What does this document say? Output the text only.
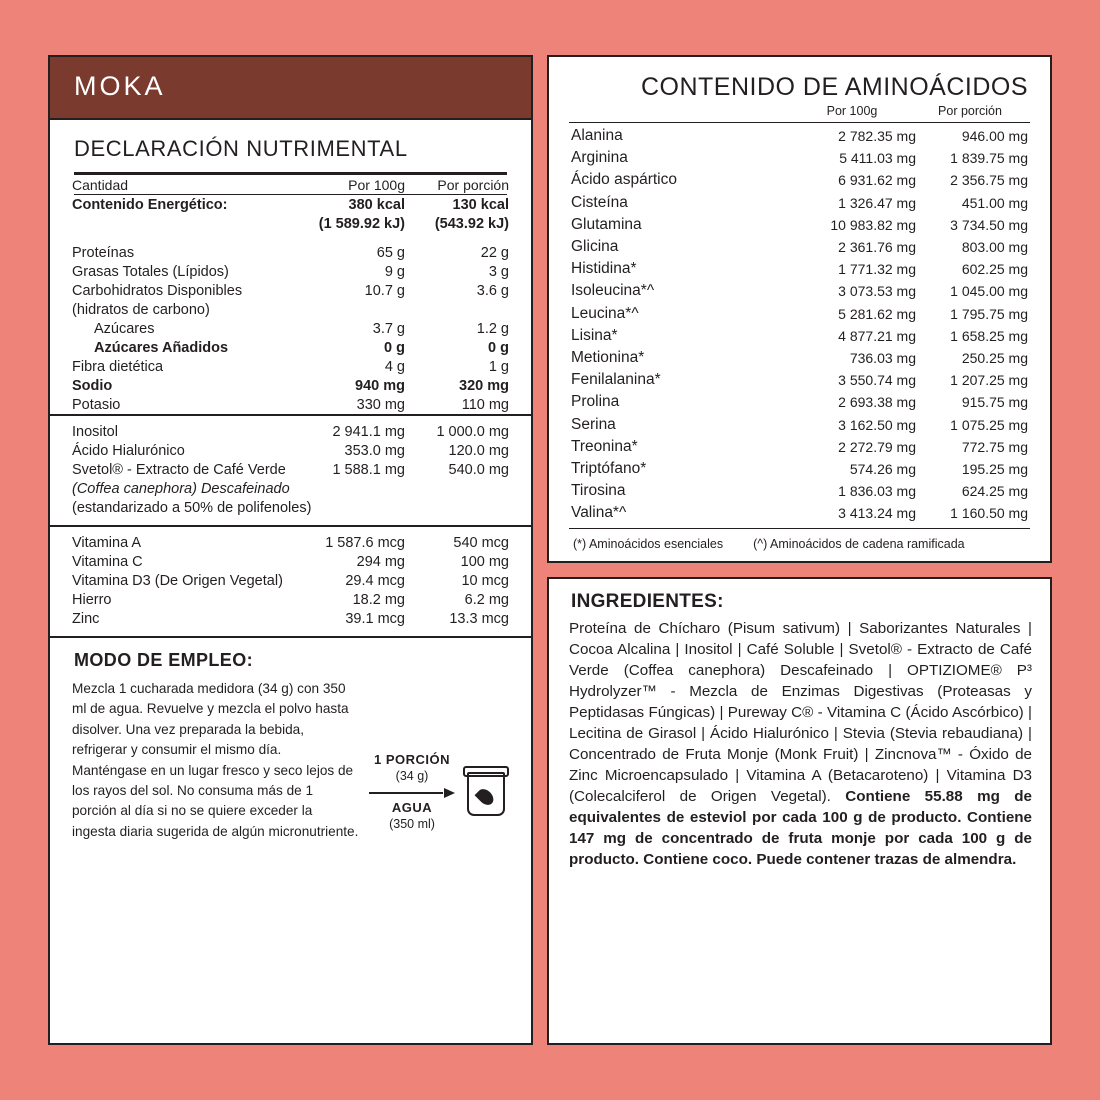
MOKA
DECLARACIÓN NUTRIMENTAL
Cantidad	Por 100g	Por porción
Contenido Energético:	380 kcal	130 kcal
	(1 589.92 kJ)	(543.92 kJ)

Proteínas	65 g	22 g
Grasas Totales (Lípidos)	9 g	3 g
Carbohidratos Disponibles	10.7 g	3.6 g
(hidratos de carbono)		
Azúcares	3.7 g	1.2 g
Azúcares Añadidos	0 g	0 g
Fibra dietética	4 g	1 g
Sodio	940 mg	320 mg
Potasio	330 mg	110 mg
Inositol	2 941.1 mg	1 000.0 mg
Ácido Hialurónico	353.0 mg	120.0 mg
Svetol® - Extracto de Café Verde	1 588.1 mg	540.0 mg
(Coffea canephora) Descafeinado		
(estandarizado a 50% de polifenoles)		
Vitamina A	1 587.6 mcg	540 mcg
Vitamina C	294 mg	100 mg
Vitamina D3 (De Origen Vegetal)	29.4 mcg	10 mcg
Hierro	18.2 mg	6.2 mg
Zinc	39.1 mcg	13.3 mcg
MODO DE EMPLEO:
Mezcla 1 cucharada medidora (34 g) con 350 ml de agua. Revuelve y mezcla el polvo hasta disolver. Una vez preparada la bebida, refrigerar y consumir el mismo día. Manténgase en un lugar fresco y seco lejos de los rayos del sol. No consuma más de 1 porción al día si no se quiere exceder la ingesta diaria sugerida de algún micronutriente.
1 PORCIÓN
(34 g)
AGUA
(350 ml)
CONTENIDO DE AMINOÁCIDOS
Por 100g	Por porción
Alanina	2 782.35 mg	946.00 mg
Arginina	5 411.03 mg	1 839.75 mg
Ácido aspártico	6 931.62 mg	2 356.75 mg
Cisteína	1 326.47 mg	451.00 mg
Glutamina	10 983.82 mg	3 734.50 mg
Glicina	2 361.76 mg	803.00 mg
Histidina*	1 771.32 mg	602.25 mg
Isoleucina*^	3 073.53 mg	1 045.00 mg
Leucina*^	5 281.62 mg	1 795.75 mg
Lisina*	4 877.21 mg	1 658.25 mg
Metionina*	736.03 mg	250.25 mg
Fenilalanina*	3 550.74 mg	1 207.25 mg
Prolina	2 693.38 mg	915.75 mg
Serina	3 162.50 mg	1 075.25 mg
Treonina*	2 272.79 mg	772.75 mg
Triptófano*	574.26 mg	195.25 mg
Tirosina	1 836.03 mg	624.25 mg
Valina*^	3 413.24 mg	1 160.50 mg
(*) Aminoácidos esenciales (^) Aminoácidos de cadena ramificada
INGREDIENTES:

Proteína de Chícharo (Pisum sativum) | Saborizantes Naturales | Cocoa Alcalina | Inositol | Café Soluble | Svetol® - Extracto de Café Verde (Coffea canephora) Descafeinado | OPTIZIOME® P³ Hydrolyzer™ - Mezcla de Enzimas Digestivas (Proteasas y Peptidasas Fúngicas) | Pureway C® - Vitamina C (Ácido Ascórbico) | Lecitina de Girasol | Ácido Hialurónico | Stevia (Stevia rebaudiana) | Concentrado de Fruta Monje (Monk Fruit) | Zincnova™ - Óxido de Zinc Microencapsulado | Vitamina A (Betacaroteno) | Vitamina D3 (Colecalciferol de Origen Vegetal). Contiene 55.88 mg de equivalentes de esteviol por cada 100 g de producto. Contiene 147 mg de concentrado de fruta monje por cada 100 g de producto. Contiene coco. Puede contener trazas de almendra.
